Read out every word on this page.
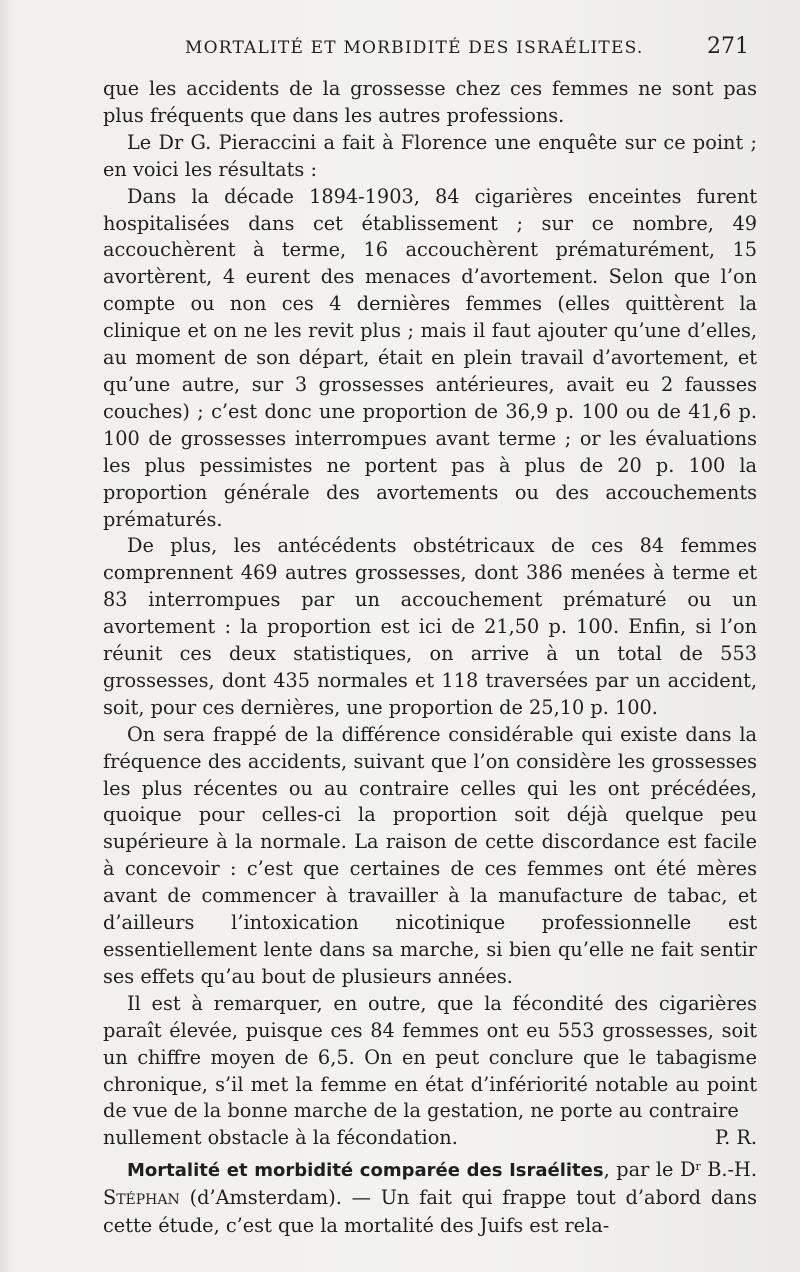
MORTALITÉ ET MORBIDITÉ DES ISRAÉLITES.	271

que les accidents de la grossesse chez ces femmes ne sont pas plus fréquents que dans les autres professions.

Le Dr G. Pieraccini a fait à Florence une enquête sur ce point ; en voici les résultats :

Dans la décade 1894-1903, 84 cigarières enceintes furent hospitalisées dans cet établissement ; sur ce nombre, 49 accouchèrent à terme, 16 accouchèrent prématurément, 15 avortèrent, 4 eurent des menaces d’avortement. Selon que l’on compte ou non ces 4 dernières femmes (elles quittèrent la clinique et on ne les revit plus ; mais il faut ajouter qu’une d’elles, au moment de son départ, était en plein travail d’avortement, et qu’une autre, sur 3 grossesses antérieures, avait eu 2 fausses couches) ; c’est donc une proportion de 36,9 p. 100 ou de 41,6 p. 100 de grossesses interrompues avant terme ; or les évaluations les plus pessimistes ne portent pas à plus de 20 p. 100 la proportion générale des avortements ou des accouchements prématurés.

De plus, les antécédents obstétricaux de ces 84 femmes comprennent 469 autres grossesses, dont 386 menées à terme et 83 interrompues par un accouchement prématuré ou un avortement : la proportion est ici de 21,50 p. 100. Enfin, si l’on réunit ces deux statistiques, on arrive à un total de 553 grossesses, dont 435 normales et 118 traversées par un accident, soit, pour ces dernières, une proportion de 25,10 p. 100.

On sera frappé de la différence considérable qui existe dans la fréquence des accidents, suivant que l’on considère les grossesses les plus récentes ou au contraire celles qui les ont précédées, quoique pour celles-ci la proportion soit déjà quelque peu supérieure à la normale. La raison de cette discordance est facile à concevoir : c’est que certaines de ces femmes ont été mères avant de commencer à travailler à la manufacture de tabac, et d’ailleurs l’intoxication nicotinique professionnelle est essentiellement lente dans sa marche, si bien qu’elle ne fait sentir ses effets qu’au bout de plusieurs années.

Il est à remarquer, en outre, que la fécondité des cigarières paraît élevée, puisque ces 84 femmes ont eu 553 grossesses, soit un chiffre moyen de 6,5. On en peut conclure que le tabagisme chronique, s’il met la femme en état d’infériorité notable au point de vue de la bonne marche de la gestation, ne porte au contraire
nullement obstacle à la fécondation.	P. R.

Mortalité et morbidité comparée des Israélites, par le $D^r$ B.-H. Stéphan (d’Amsterdam). — Un fait qui frappe tout d’abord dans cette étude, c’est que la mortalité des Juifs est rela-
